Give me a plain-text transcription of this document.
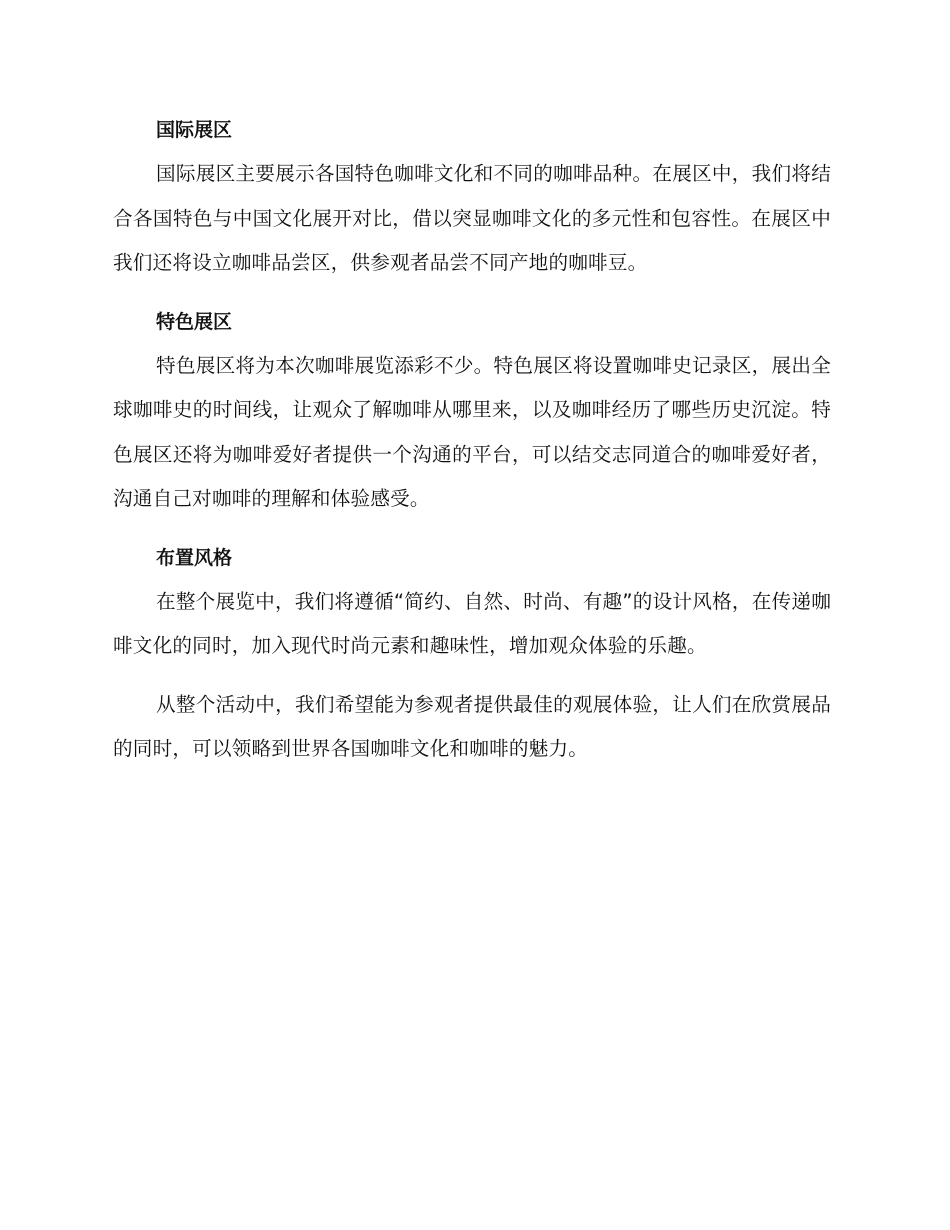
国际展区

国际展区主要展示各国特色咖啡文化和不同的咖啡品种。在展区中，我们将结合各国特色与中国文化展开对比，借以突显咖啡文化的多元性和包容性。在展区中我们还将设立咖啡品尝区，供参观者品尝不同产地的咖啡豆。

特色展区

特色展区将为本次咖啡展览添彩不少。特色展区将设置咖啡史记录区，展出全球咖啡史的时间线，让观众了解咖啡从哪里来，以及咖啡经历了哪些历史沉淀。特色展区还将为咖啡爱好者提供一个沟通的平台，可以结交志同道合的咖啡爱好者，沟通自己对咖啡的理解和体验感受。

布置风格

在整个展览中，我们将遵循“简约、自然、时尚、有趣”的设计风格，在传递咖啡文化的同时，加入现代时尚元素和趣味性，增加观众体验的乐趣。

从整个活动中，我们希望能为参观者提供最佳的观展体验，让人们在欣赏展品的同时，可以领略到世界各国咖啡文化和咖啡的魅力。
